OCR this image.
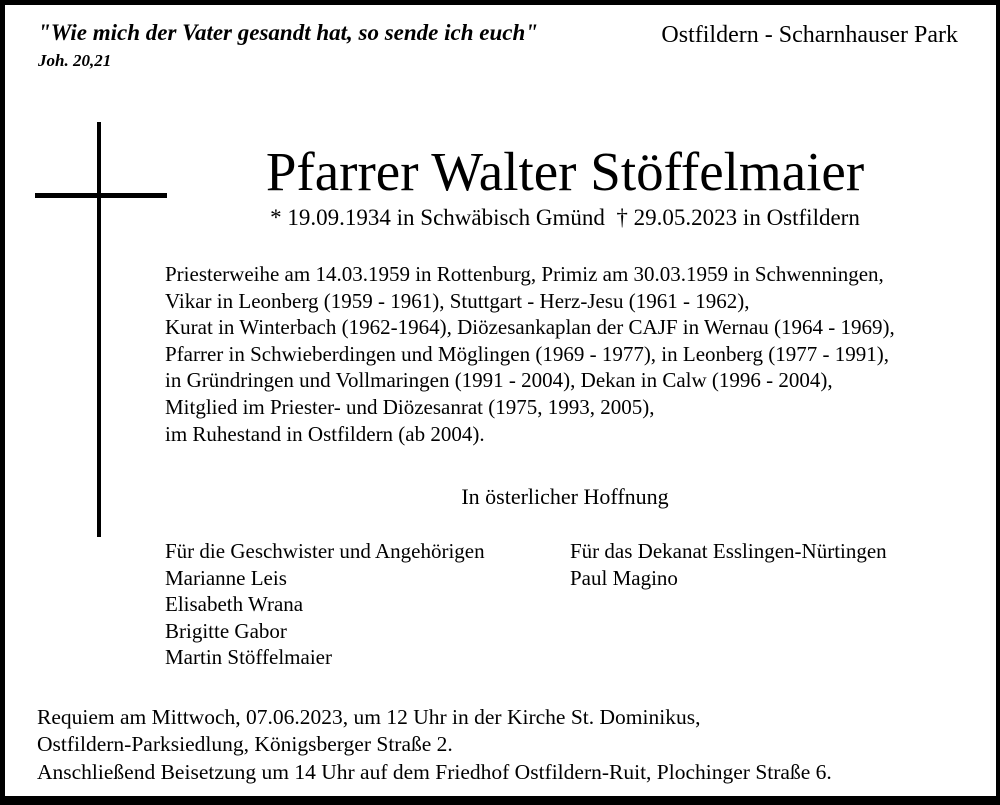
"Wie mich der Vater gesandt hat, so sende ich euch"
Joh. 20,21
Ostfildern - Scharnhauser Park
Pfarrer Walter Stöffelmaier
* 19.09.1934 in Schwäbisch Gmünd  † 29.05.2023 in Ostfildern
Priesterweihe am 14.03.1959 in Rottenburg, Primiz am 30.03.1959 in Schwenningen,
Vikar in Leonberg (1959 - 1961), Stuttgart - Herz-Jesu (1961 - 1962),
Kurat in Winterbach (1962-1964), Diözesankaplan der CAJF in Wernau (1964 - 1969),
Pfarrer in Schwieberdingen und Möglingen (1969 - 1977), in Leonberg (1977 - 1991),
in Gründringen und Vollmaringen (1991 - 2004), Dekan in Calw (1996 - 2004),
Mitglied im Priester- und Diözesanrat (1975, 1993, 2005),
im Ruhestand in Ostfildern (ab 2004).
In österlicher Hoffnung
Für die Geschwister und Angehörigen
Marianne Leis
Elisabeth Wrana
Brigitte Gabor
Martin Stöffelmaier
Für das Dekanat Esslingen-Nürtingen
Paul Magino
Requiem am Mittwoch, 07.06.2023, um 12 Uhr in der Kirche St. Dominikus,
Ostfildern-Parksiedlung, Königsberger Straße 2.
Anschließend Beisetzung um 14 Uhr auf dem Friedhof Ostfildern-Ruit, Plochinger Straße 6.
